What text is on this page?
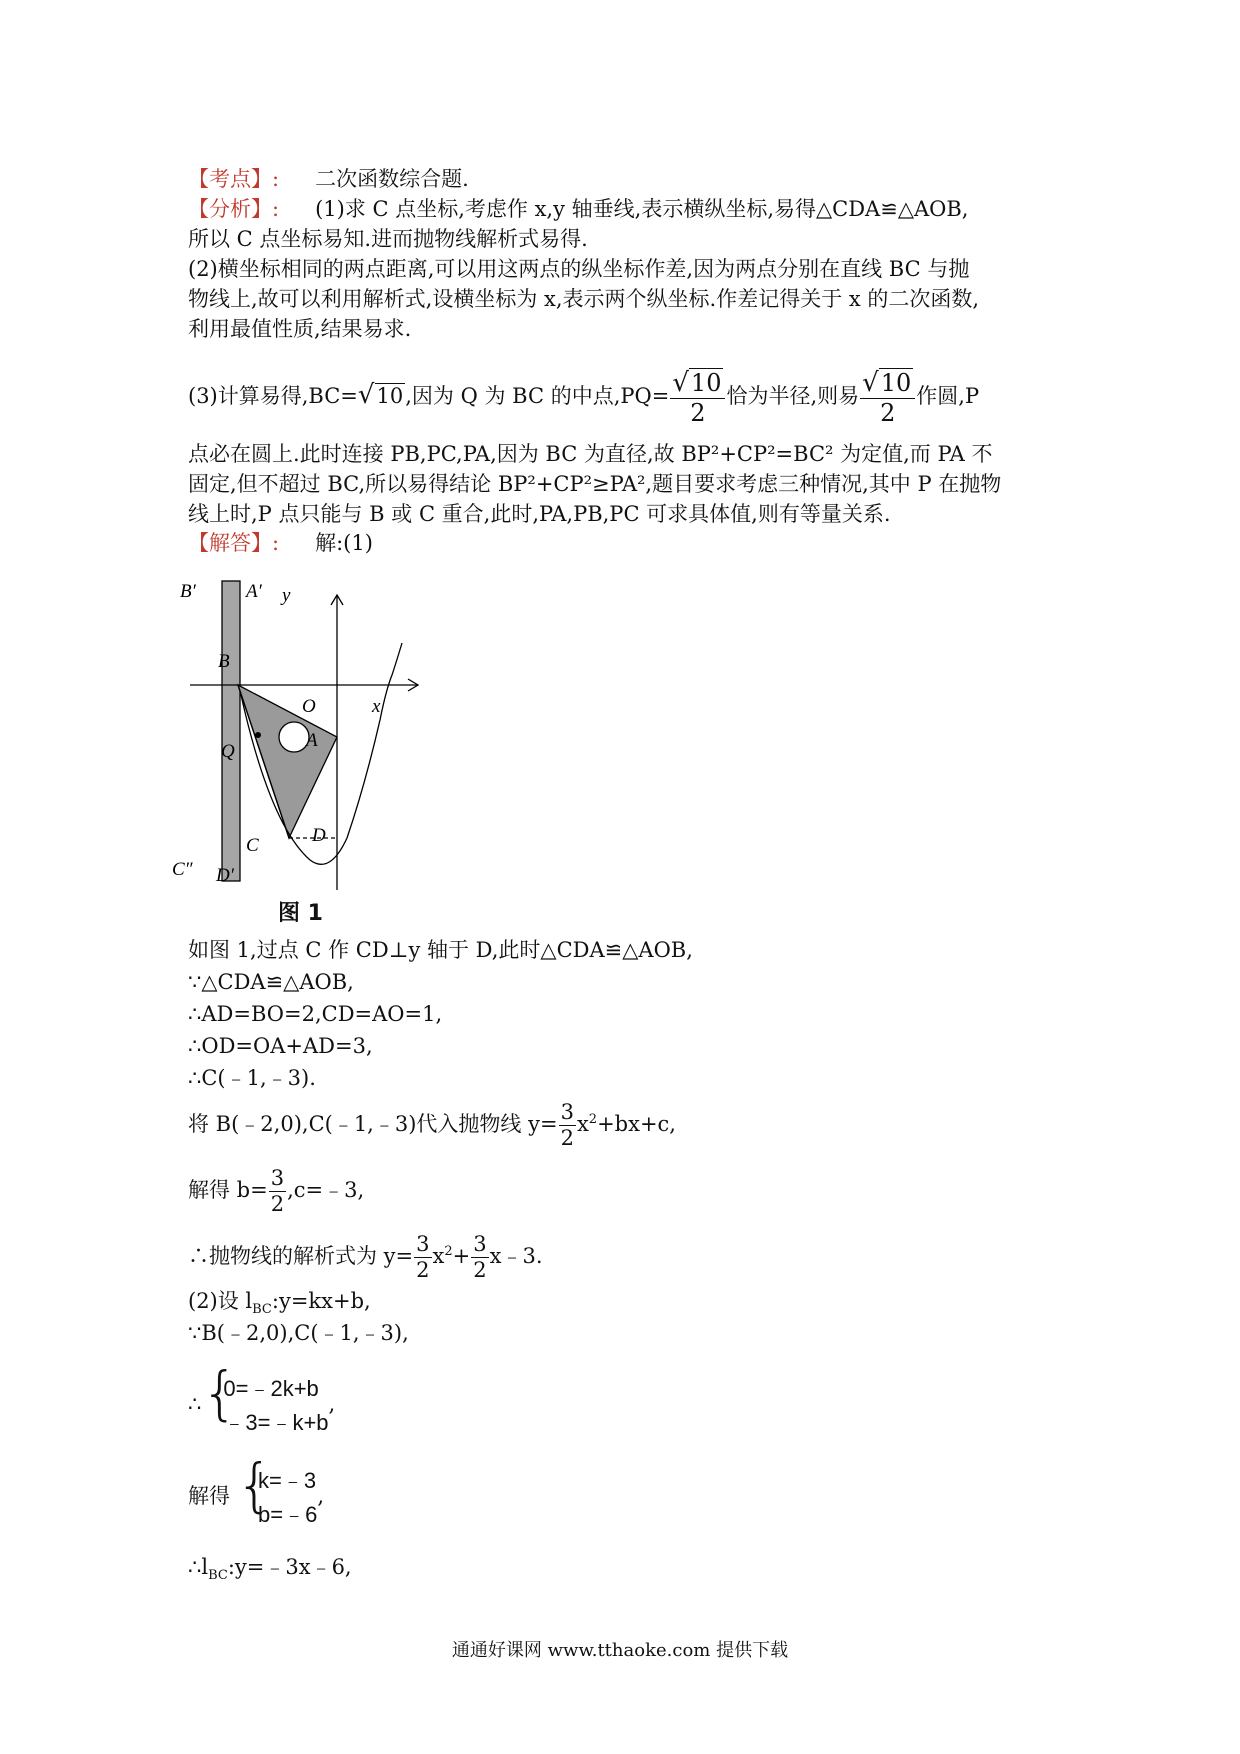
【考点】: 二次函数综合题.
【分析】: (1)求 C 点坐标,考虑作 x,y 轴垂线,表示横纵坐标,易得△CDA≌△AOB,
所以 C 点坐标易知.进而抛物线解析式易得.
(2)横坐标相同的两点距离,可以用这两点的纵坐标作差,因为两点分别在直线 BC 与抛
物线上,故可以利用解析式,设横坐标为 x,表示两个纵坐标.作差记得关于 x 的二次函数,
利用最值性质,结果易求.
(3)计算易得,BC=√10,因为 Q 为 BC 的中点$,PQ= \frac{√10}{2}$ 恰为半径,则易 $\frac{√10}{2}$ 作圆,P
点必在圆上.此时连接 PB,PC,PA,因为 BC 为直径,故 BP²+CP²=BC² 为定值,而 PA 不
固定,但不超过 BC,所以易得结论 BP²+CP²≥PA²,题目要求考虑三种情况,其中 P 在抛物
线上时,P 点只能与 B 或 C 重合,此时,PA,PB,PC 可求具体值,则有等量关系.
【解答】: 解:(1)
B′	A′
B
O	x
y
A
Q
C	D
C″ D′
图 1
如图 1,过点 C 作 CD⊥y 轴于 D,此时△CDA≌△AOB,
∵△CDA≌△AOB,
∴AD=BO=2,CD=AO=1,
∴OD=OA+AD=3,
∴C(﹣1,﹣3).
将 B(﹣2,0),C(﹣1,﹣3)代入抛物线 $y= \frac{3}{2} x^2+bx+c$,
解得 $b= \frac{3}{2}$ ,c=﹣3,
∴抛物线的解析式为 $y= \frac{3}{2} x^2+ \frac{3}{2}$ x﹣3.
(2)设 $l_{BC}:y=kx+b$,
∵B(﹣2,0),C(﹣1,﹣3),
∴ {
0=﹣2k+b
﹣3=﹣k+b
,
解得 {
k=﹣3
b=﹣6
,
$\therefore l_{BC}:y=﹣3x﹣6$,
通通好课网 www.tthaoke.com 提供下载
